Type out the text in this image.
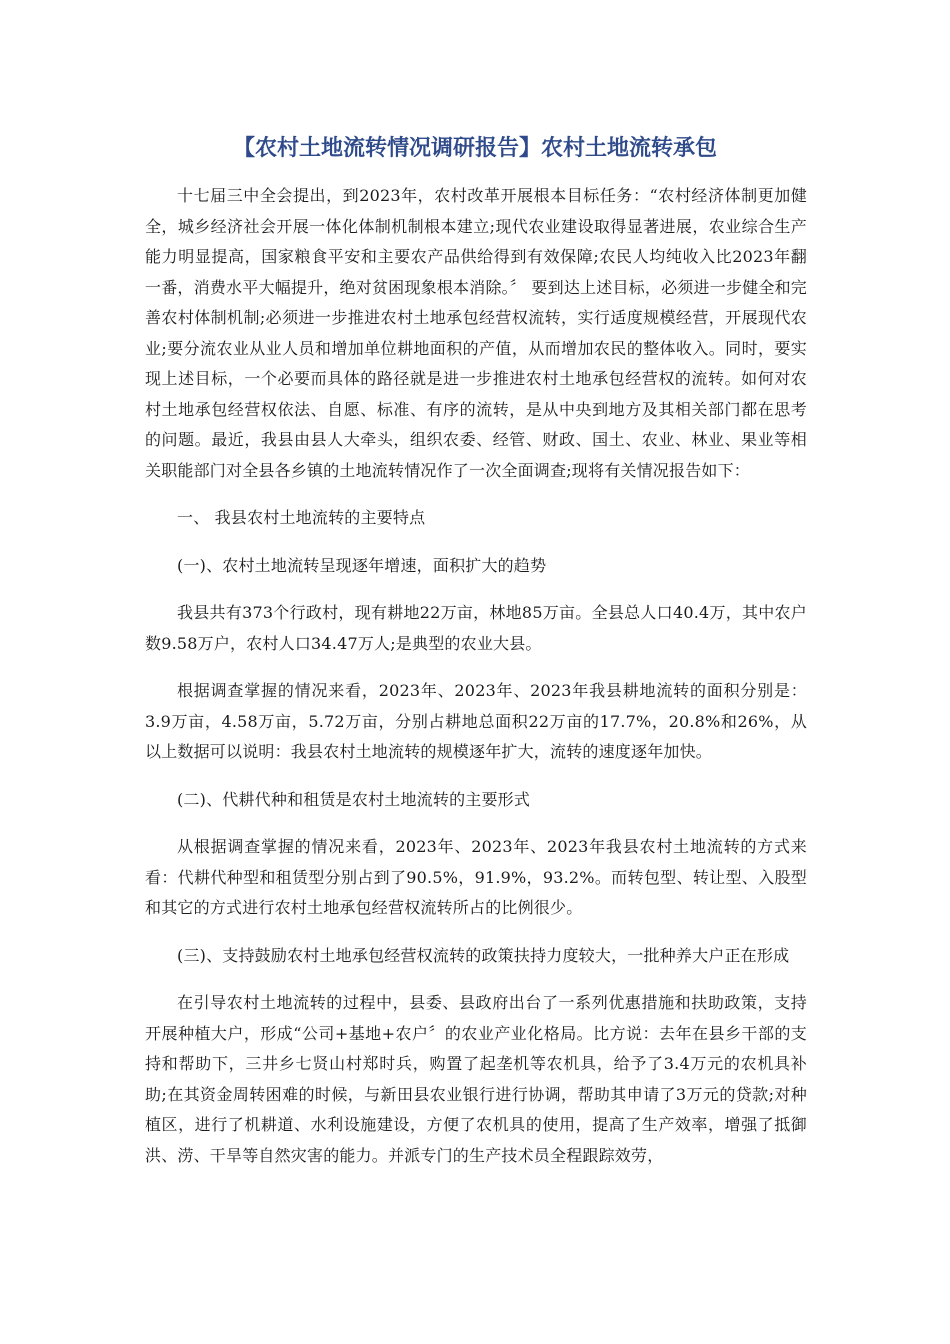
【农村土地流转情况调研报告】农村土地流转承包

十七届三中全会提出，到2023年，农村改革开展根本目标任务：“农村经济体制更加健全，城乡经济社会开展一体化体制机制根本建立;现代农业建设取得显著进展，农业综合生产能力明显提高，国家粮食平安和主要农产品供给得到有效保障;农民人均纯收入比2023年翻一番，消费水平大幅提升，绝对贫困现象根本消除。〞 要到达上述目标，必须进一步健全和完善农村体制机制;必须进一步推进农村土地承包经营权流转，实行适度规模经营，开展现代农业;要分流农业从业人员和增加单位耕地面积的产值，从而增加农民的整体收入。同时，要实现上述目标，一个必要而具体的路径就是进一步推进农村土地承包经营权的流转。如何对农村土地承包经营权依法、自愿、标准、有序的流转，是从中央到地方及其相关部门都在思考的问题。最近，我县由县人大牵头，组织农委、经管、财政、国土、农业、林业、果业等相关职能部门对全县各乡镇的土地流转情况作了一次全面调查;现将有关情况报告如下：

一、 我县农村土地流转的主要特点

(一)、农村土地流转呈现逐年增速，面积扩大的趋势

我县共有373个行政村，现有耕地22万亩，林地85万亩。全县总人口40.4万，其中农户数9.58万户，农村人口34.47万人;是典型的农业大县。

根据调查掌握的情况来看，2023年、2023年、2023年我县耕地流转的面积分别是：3.9万亩，4.58万亩，5.72万亩，分别占耕地总面积22万亩的17.7%，20.8%和26%，从以上数据可以说明：我县农村土地流转的规模逐年扩大，流转的速度逐年加快。

(二)、代耕代种和租赁是农村土地流转的主要形式

从根据调查掌握的情况来看，2023年、2023年、2023年我县农村土地流转的方式来看：代耕代种型和租赁型分别占到了90.5%，91.9%，93.2%。而转包型、转让型、入股型和其它的方式进行农村土地承包经营权流转所占的比例很少。

(三)、支持鼓励农村土地承包经营权流转的政策扶持力度较大，一批种养大户正在形成

在引导农村土地流转的过程中，县委、县政府出台了一系列优惠措施和扶助政策，支持开展种植大户，形成“公司+基地+农户〞的农业产业化格局。比方说：去年在县乡干部的支持和帮助下，三井乡七贤山村郑时兵，购置了起垄机等农机具，给予了3.4万元的农机具补助;在其资金周转困难的时候，与新田县农业银行进行协调，帮助其申请了3万元的贷款;对种植区，进行了机耕道、水利设施建设，方便了农机具的使用，提高了生产效率，增强了抵御洪、涝、干旱等自然灾害的能力。并派专门的生产技术员全程跟踪效劳，
